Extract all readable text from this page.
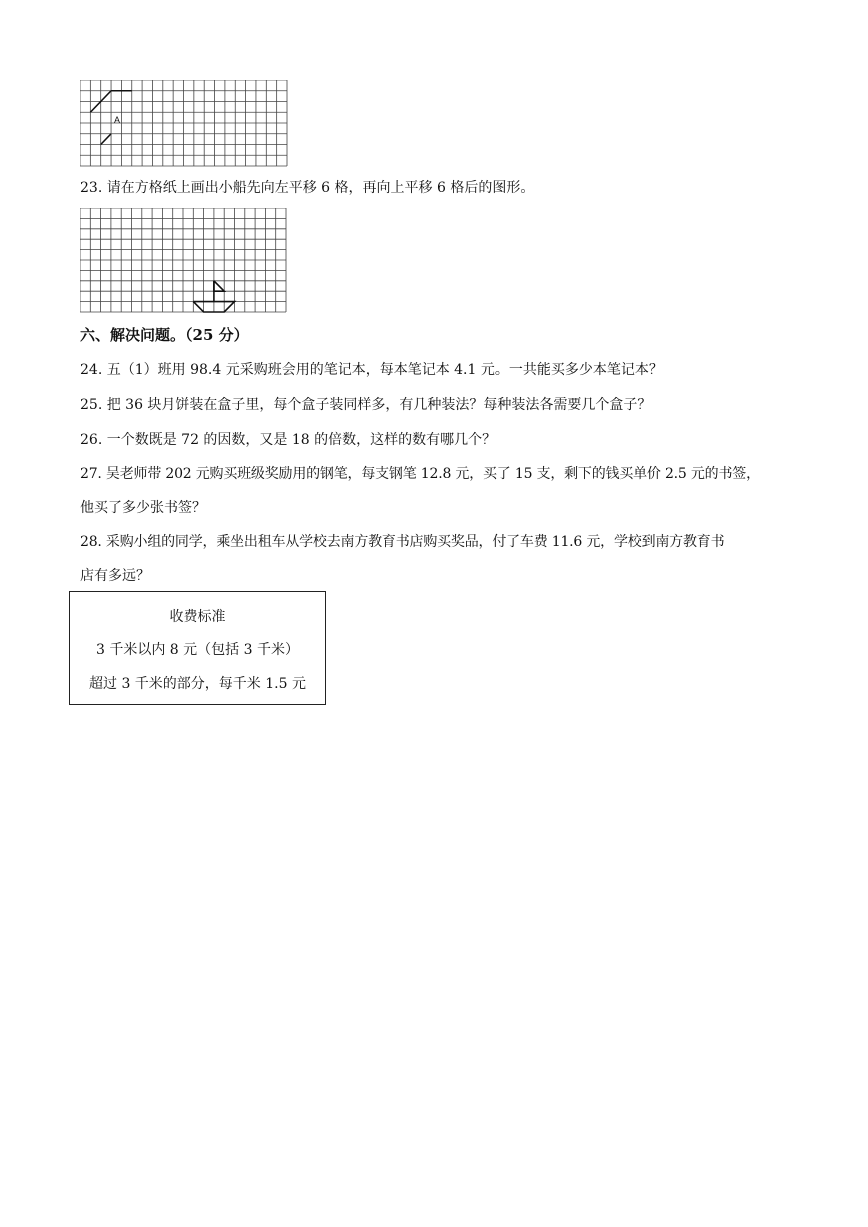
A
23. 请在方格纸上画出小船先向左平移 6 格，再向上平移 6 格后的图形。
六、解决问题。（25 分）
24. 五（1）班用 98.4 元采购班会用的笔记本，每本笔记本 4.1 元。一共能买多少本笔记本？
25. 把 36 块月饼装在盒子里，每个盒子装同样多，有几种装法？每种装法各需要几个盒子？
26. 一个数既是 72 的因数，又是 18 的倍数，这样的数有哪几个？
27. 吴老师带 202 元购买班级奖励用的钢笔，每支钢笔 12.8 元，买了 15 支，剩下的钱买单价 2.5 元的书签，
他买了多少张书签？
28. 采购小组的同学，乘坐出租车从学校去南方教育书店购买奖品，付了车费 11.6 元，学校到南方教育书
店有多远？
收费标准
3 千米以内 8 元（包括 3 千米）
超过 3 千米的部分，每千米 1.5 元
